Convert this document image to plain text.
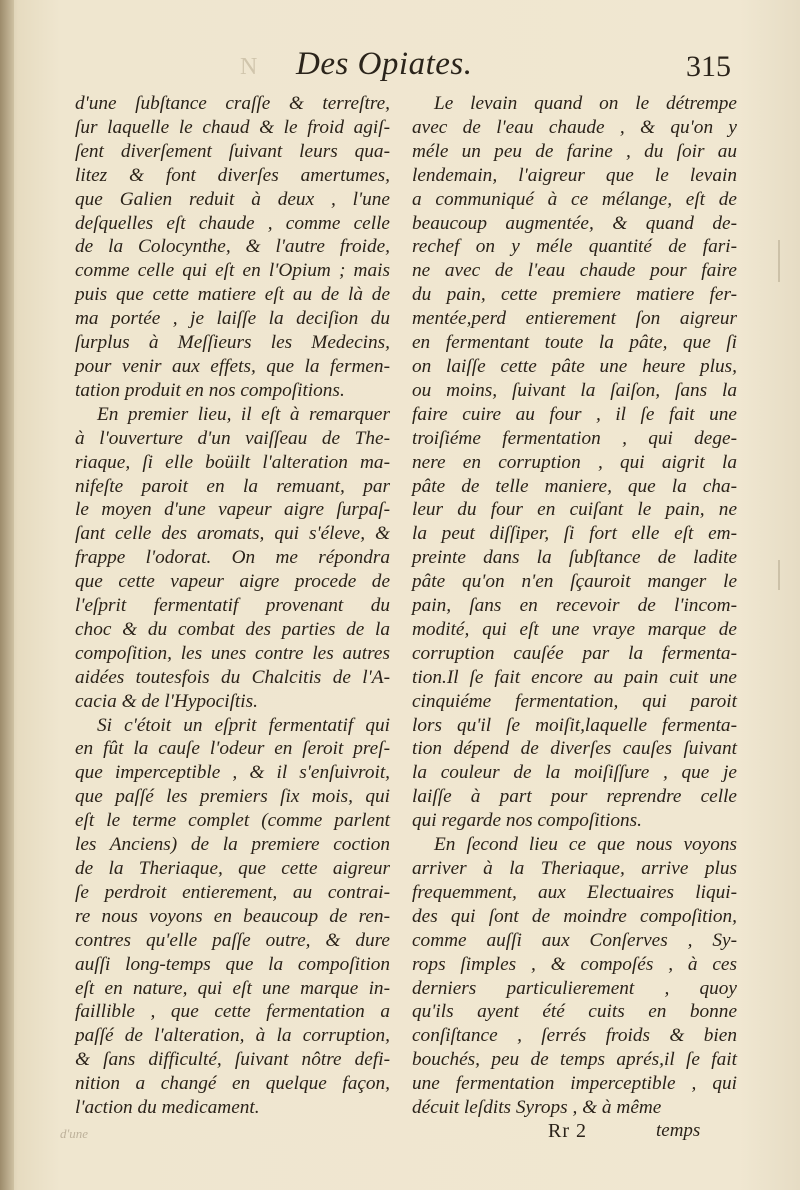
N Des Opiates.	315
d'une ſubſtance craſſe & terreſtre,
ſur laquelle le chaud & le froid agiſ-
ſent diverſement ſuivant leurs qua-
litez & font diverſes amertumes,
que Galien reduit à deux , l'une
deſquelles eſt chaude , comme celle
de la Colocynthe, & l'autre froide,
comme celle qui eſt en l'Opium ; mais
puis que cette matiere eſt au de là de
ma portée , je laiſſe la deciſion du
ſurplus à Meſſieurs les Medecins,
pour venir aux effets, que la fermen-
tation produit en nos compoſitions.
En premier lieu, il eſt à remarquer
à l'ouverture d'un vaiſſeau de The-
riaque, ſi elle boüilt l'alteration ma-
nifeſte paroit en la remuant, par
le moyen d'une vapeur aigre ſurpaſ-
ſant celle des aromats, qui s'éleve, &
frappe l'odorat. On me répondra
que cette vapeur aigre procede de
l'eſprit fermentatif provenant du
choc & du combat des parties de la
compoſition, les unes contre les autres
aidées toutesfois du Chalcitis de l'A-
cacia & de l'Hypociſtis.
Si c'étoit un eſprit fermentatif qui
en fût la cauſe l'odeur en ſeroit preſ-
que imperceptible , & il s'enſuivroit,
que paſſé les premiers ſix mois, qui
eſt le terme complet (comme parlent
les Anciens) de la premiere coction
de la Theriaque, que cette aigreur
ſe perdroit entierement, au contrai-
re nous voyons en beaucoup de ren-
contres qu'elle paſſe outre, & dure
auſſi long-temps que la compoſition
eſt en nature, qui eſt une marque in-
faillible , que cette fermentation a
paſſé de l'alteration, à la corruption,
& ſans difficulté, ſuivant nôtre defi-
nition a changé en quelque façon,
l'action du medicament.
Le levain quand on le détrempe
avec de l'eau chaude , & qu'on y
méle un peu de farine , du ſoir au
lendemain, l'aigreur que le levain
a communiqué à ce mélange, eſt de
beaucoup augmentée, & quand de-
rechef on y méle quantité de fari-
ne avec de l'eau chaude pour faire
du pain, cette premiere matiere fer-
mentée,perd entierement ſon aigreur
en fermentant toute la pâte, que ſi
on laiſſe cette pâte une heure plus,
ou moins, ſuivant la ſaiſon, ſans la
faire cuire au four , il ſe fait une
troiſiéme fermentation , qui dege-
nere en corruption , qui aigrit la
pâte de telle maniere, que la cha-
leur du four en cuiſant le pain, ne
la peut diſſiper, ſi fort elle eſt em-
preinte dans la ſubſtance de ladite
pâte qu'on n'en ſçauroit manger le
pain, ſans en recevoir de l'incom-
modité, qui eſt une vraye marque de
corruption cauſée par la fermenta-
tion.Il ſe fait encore au pain cuit une
cinquiéme fermentation, qui paroit
lors qu'il ſe moiſit,laquelle fermenta-
tion dépend de diverſes cauſes ſuivant
la couleur de la moiſiſſure , que je
laiſſe à part pour reprendre celle
qui regarde nos compoſitions.
En ſecond lieu ce que nous voyons
arriver à la Theriaque, arrive plus
frequemment, aux Electuaires liqui-
des qui ſont de moindre compoſition,
comme auſſi aux Conſerves , Sy-
rops ſimples , & compoſés , à ces
derniers particulierement , quoy
qu'ils ayent été cuits en bonne
conſiſtance , ſerrés froids & bien
bouchés, peu de temps aprés,il ſe fait
une fermentation imperceptible , qui
décuit leſdits Syrops , & à même
d'une	Rr 2	temps
